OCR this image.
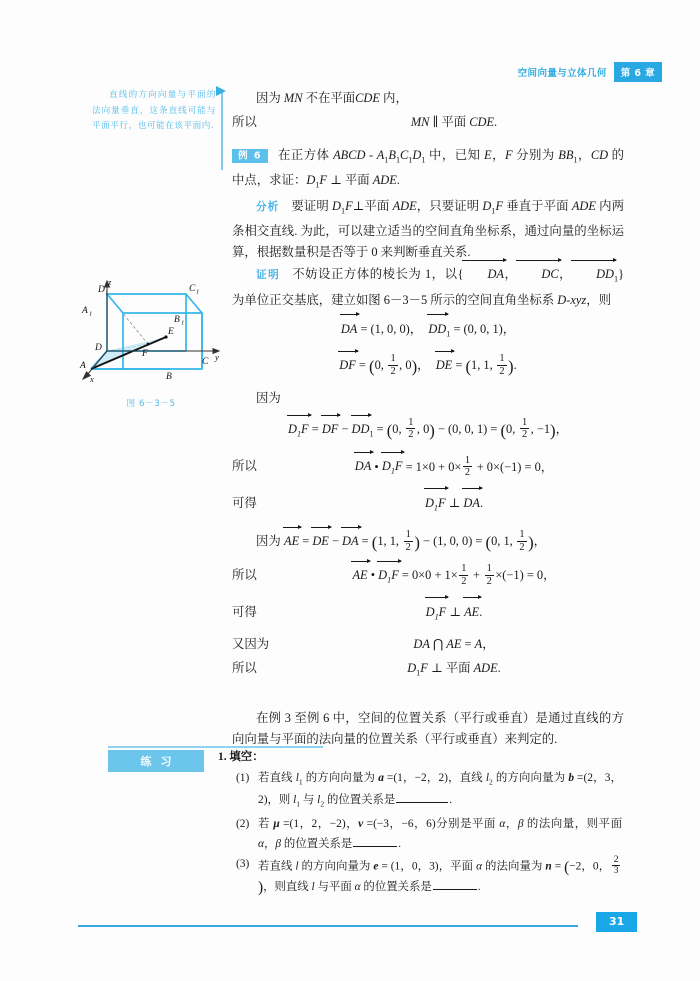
空间向量与立体几何	第 6 章
直线的方向向量与平面的法向量垂直，这条直线可能与平面平行，也可能在该平面内.

因为 MN 不在平面CDE 内，

所以	MN ∥ 平面 CDE.

例 6 在正方体 ABCD - $A_1B_1C_1D_1$ 中，已知 E，F 分别为 $BB_1$，CD 的中点，求证：$D_1F$ ⊥ 平面 ADE.

分析 要证明 $D_1F\perp$平面 ADE，只要证明 $D_1F$ 垂直于平面 ADE 内两条相交直线. 为此，可以建立适当的空间直角坐标系，通过向量的坐标运算，根据数量积是否等于 0 来判断垂直关系.

证明 不妨设正方体的棱长为 1，以{ DA， DC， $DD_1$}为单位正交基底，建立如图 6－3－5 所示的空间直角坐标系 D-xyz，则

DA = (1, 0, 0)，  $DD_1 = (0$, 0, 1)，
DF = (0, $\frac{1}{2}$ , 0)，  DE = (1, 1, $\frac{1}{2}$ ).

因为

$D_1F$ = DF − $DD_1 = (0$, $\frac{1}{2}$ , 0) − (0, 0, 1) = (0, $\frac{1}{2}$ , −1)，
所以	DA • $D_1F = 1\times 0 + 0\times \frac{1}{2} + 0\times(-1) = 0$，
可得	$D_1F$ ⊥ DA.
因为 AE = DE − DA = (1, 1, $\frac{1}{2}$ ) − (1, 0, 0) = (0, 1, $\frac{1}{2}$ )，
所以	AE • $D_1F = 0\times 0 + 1\times \frac{1}{2} + \frac{1}{2} \times(-1) = 0$，
可得	$D_1F$ ⊥ AE.
又因为	DA ⋂ AE = A，
所以	$D_1F$ ⊥ 平面 ADE.

在例 3 至例 6 中，空间的位置关系（平行或垂直）是通过直线的方向向量与平面的法向量的位置关系（平行或垂直）来判定的.

D 1	C 1
A 1
B 1
D
E
F
C
A
B
z
y
x
图 6－3－5
练习	1. 填空：

(1) 若直线 $l_1$ 的方向向量为 a =(1，−2，2)，直线 $l_2$ 的方向向量为 b =(2，3，2)，则 $l_1$ 与 $l_2$ 的位置关系是	.
(2) 若 μ =(1，2，−2)，v =(−3，−6，6)分别是平面 α，β 的法向量，则平面 α，β 的位置关系是	.
(3) 若直线 l 的方向向量为 e = (1，0，3)，平面 α 的法向量为 n = (−2，0， $\frac{2}{3}$
)，则直线 l 与平面 α 的位置关系是	.
31
